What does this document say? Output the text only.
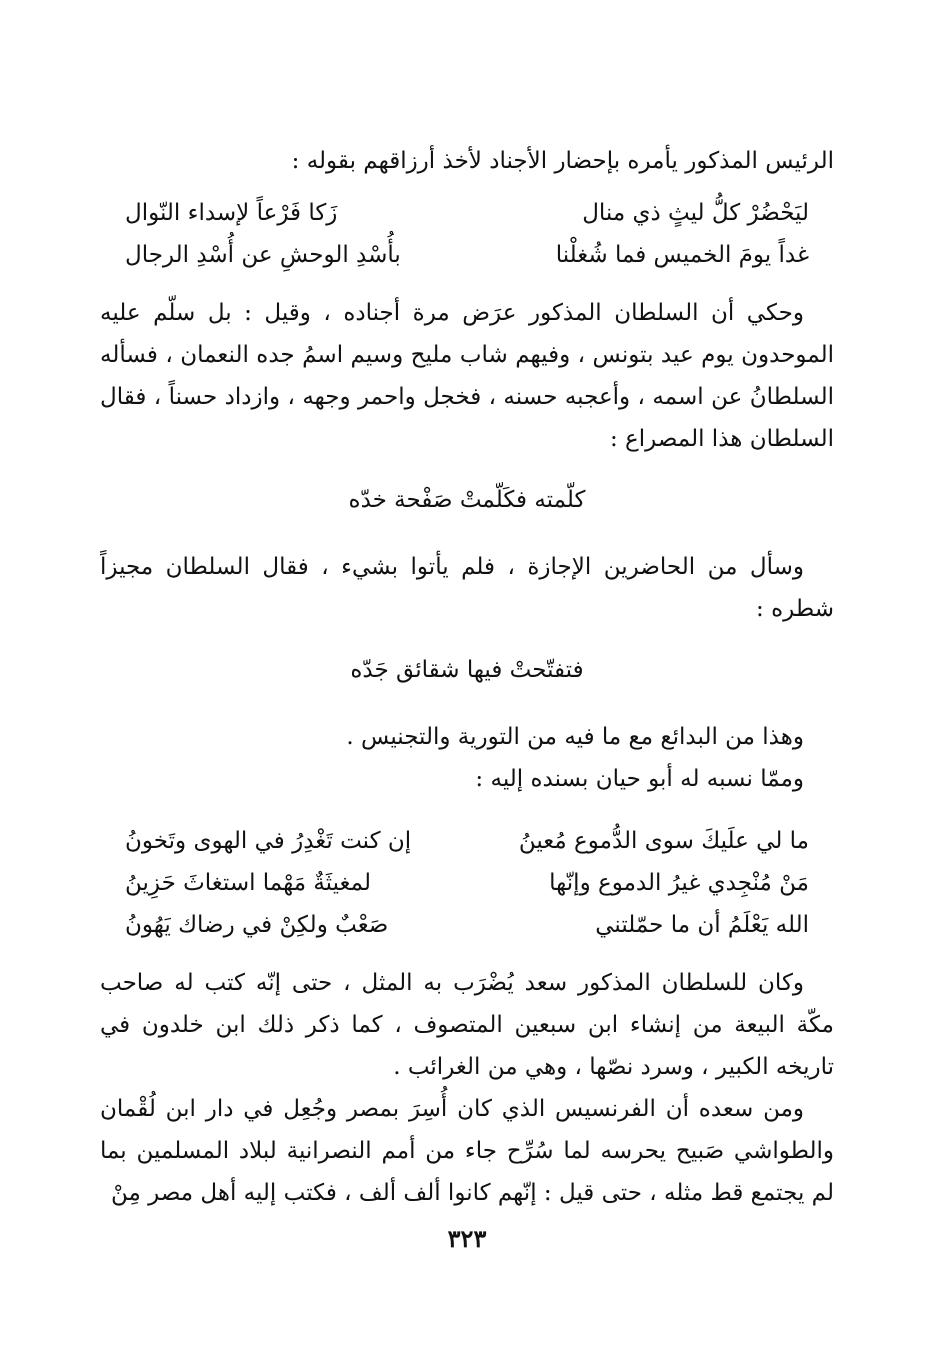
الرئيس المذكور يأمره بإحضار الأجناد لأخذ أرزاقهم بقوله :

ليَحْضُرْ كلُّ ليثٍ ذي منال
زَكا فَرْعاً لإسداء النّوال
غداً يومَ الخميس فما شُغلْنا
بأُسْدِ الوحشِ عن أُسْدِ الرجال

وحكي أن السلطان المذكور عرَض مرة أجناده ، وقيل : بل سلّم عليه الموحدون يوم عيد بتونس ، وفيهم شاب مليح وسيم اسمُ جده النعمان ، فسأله السلطانُ عن اسمه ، وأعجبه حسنه ، فخجل واحمر وجهه ، وازداد حسناً ، فقال السلطان هذا المصراع :

كلّمته فكَلّمتْ صَفْحة خدّه

وسأل من الحاضرين الإجازة ، فلم يأتوا بشيء ، فقال السلطان مجيزاً شطره :

فتفتّحتْ فيها شقائق جَدّه

وهذا من البدائع مع ما فيه من التورية والتجنيس .

وممّا نسبه له أبو حيان بسنده إليه :

ما لي علَيكَ سوى الدُّموع مُعينُ
إن كنت تَغْدِرُ في الهوى وتَخونُ
مَنْ مُنْجِدي غيرُ الدموع وإنّها
لمغيثَةٌ مَهْما استغاثَ حَزِينُ
الله يَعْلَمُ أن ما حمّلتني
صَعْبٌ ولكِنْ في رضاك يَهُونُ

وكان للسلطان المذكور سعد يُضْرَب به المثل ، حتى إنّه كتب له صاحب مكّة البيعة من إنشاء ابن سبعين المتصوف ، كما ذكر ذلك ابن خلدون في تاريخه الكبير ، وسرد نصّها ، وهي من الغرائب .

ومن سعده أن الفرنسيس الذي كان أُسِرَ بمصر وجُعِل في دار ابن لُقْمان والطواشي صَبيح يحرسه لما سُرِّح جاء من أمم النصرانية لبلاد المسلمين بما لم يجتمع قط مثله ، حتى قيل : إنّهم كانوا ألف ألف ، فكتب إليه أهل مصر مِنْ

٣٢٣
